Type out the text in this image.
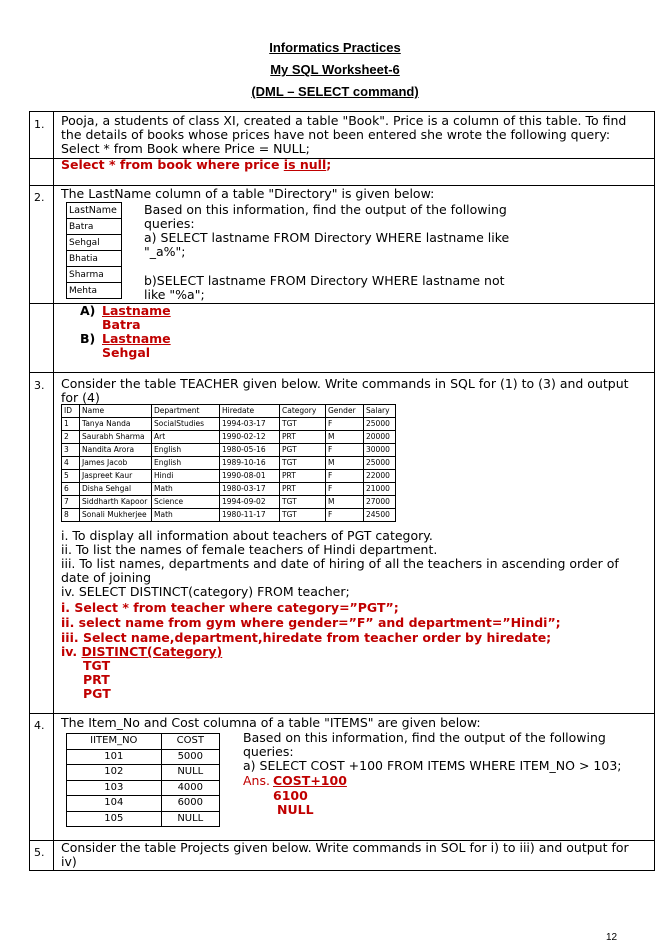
Informatics Practices
My SQL Worksheet-6
(DML – SELECT command)
1. Pooja, a students of class XI, created a table "Book". Price is a column of this table. To find
the details of books whose prices have not been entered she wrote the following query:
Select * from Book where Price = NULL;
Select * from book where price is null;
2. The LastName column of a table "Directory" is given below:
LastName
Batra
Sehgal
Bhatia
Sharma
Mehta
Based on this information, find the output of the following
queries:
a) SELECT lastname FROM Directory WHERE lastname like
"_a%";
b)SELECT lastname FROM Directory WHERE lastname not
like "%a";
A) Lastname
Batra
B) Lastname
Sehgal
3. Consider the table TEACHER given below. Write commands in SQL for (1) to (3) and output
for (4)
ID	Name	Department	Hiredate	Category	Gender	Salary
1	Tanya Nanda	SocialStudies	1994-03-17	TGT	F	25000
2	Saurabh Sharma	Art	1990-02-12	PRT	M	20000
3	Nandita Arora	English	1980-05-16	PGT	F	30000
4	James Jacob	English	1989-10-16	TGT	M	25000
5	Jaspreet Kaur	Hindi	1990-08-01	PRT	F	22000
6	Disha Sehgal	Math	1980-03-17	PRT	F	21000
7	Siddharth Kapoor	Science	1994-09-02	TGT	M	27000
8	Sonali Mukherjee	Math	1980-11-17	TGT	F	24500
i. To display all information about teachers of PGT category.
ii. To list the names of female teachers of Hindi department.
iii. To list names, departments and date of hiring of all the teachers in ascending order of
date of joining
iv. SELECT DISTINCT(category) FROM teacher;
i. Select * from teacher where category=”PGT”;
ii. select name from gym where gender=”F” and department=”Hindi”;
iii. Select name,department,hiredate from teacher order by hiredate;
iv. DISTINCT(Category)
TGT
PRT
PGT
4. The Item_No and Cost columna of a table "ITEMS" are given below:
IITEM_NO	COST
101	5000
102	NULL
103	4000
104	6000
105	NULL
Based on this information, find the output of the following
queries:
a) SELECT COST +100 FROM ITEMS WHERE ITEM_NO > 103;
Ans. COST+100
6100
NULL
5. Consider the table Projects given below. Write commands in SOL for i) to iii) and output for
iv)
12
